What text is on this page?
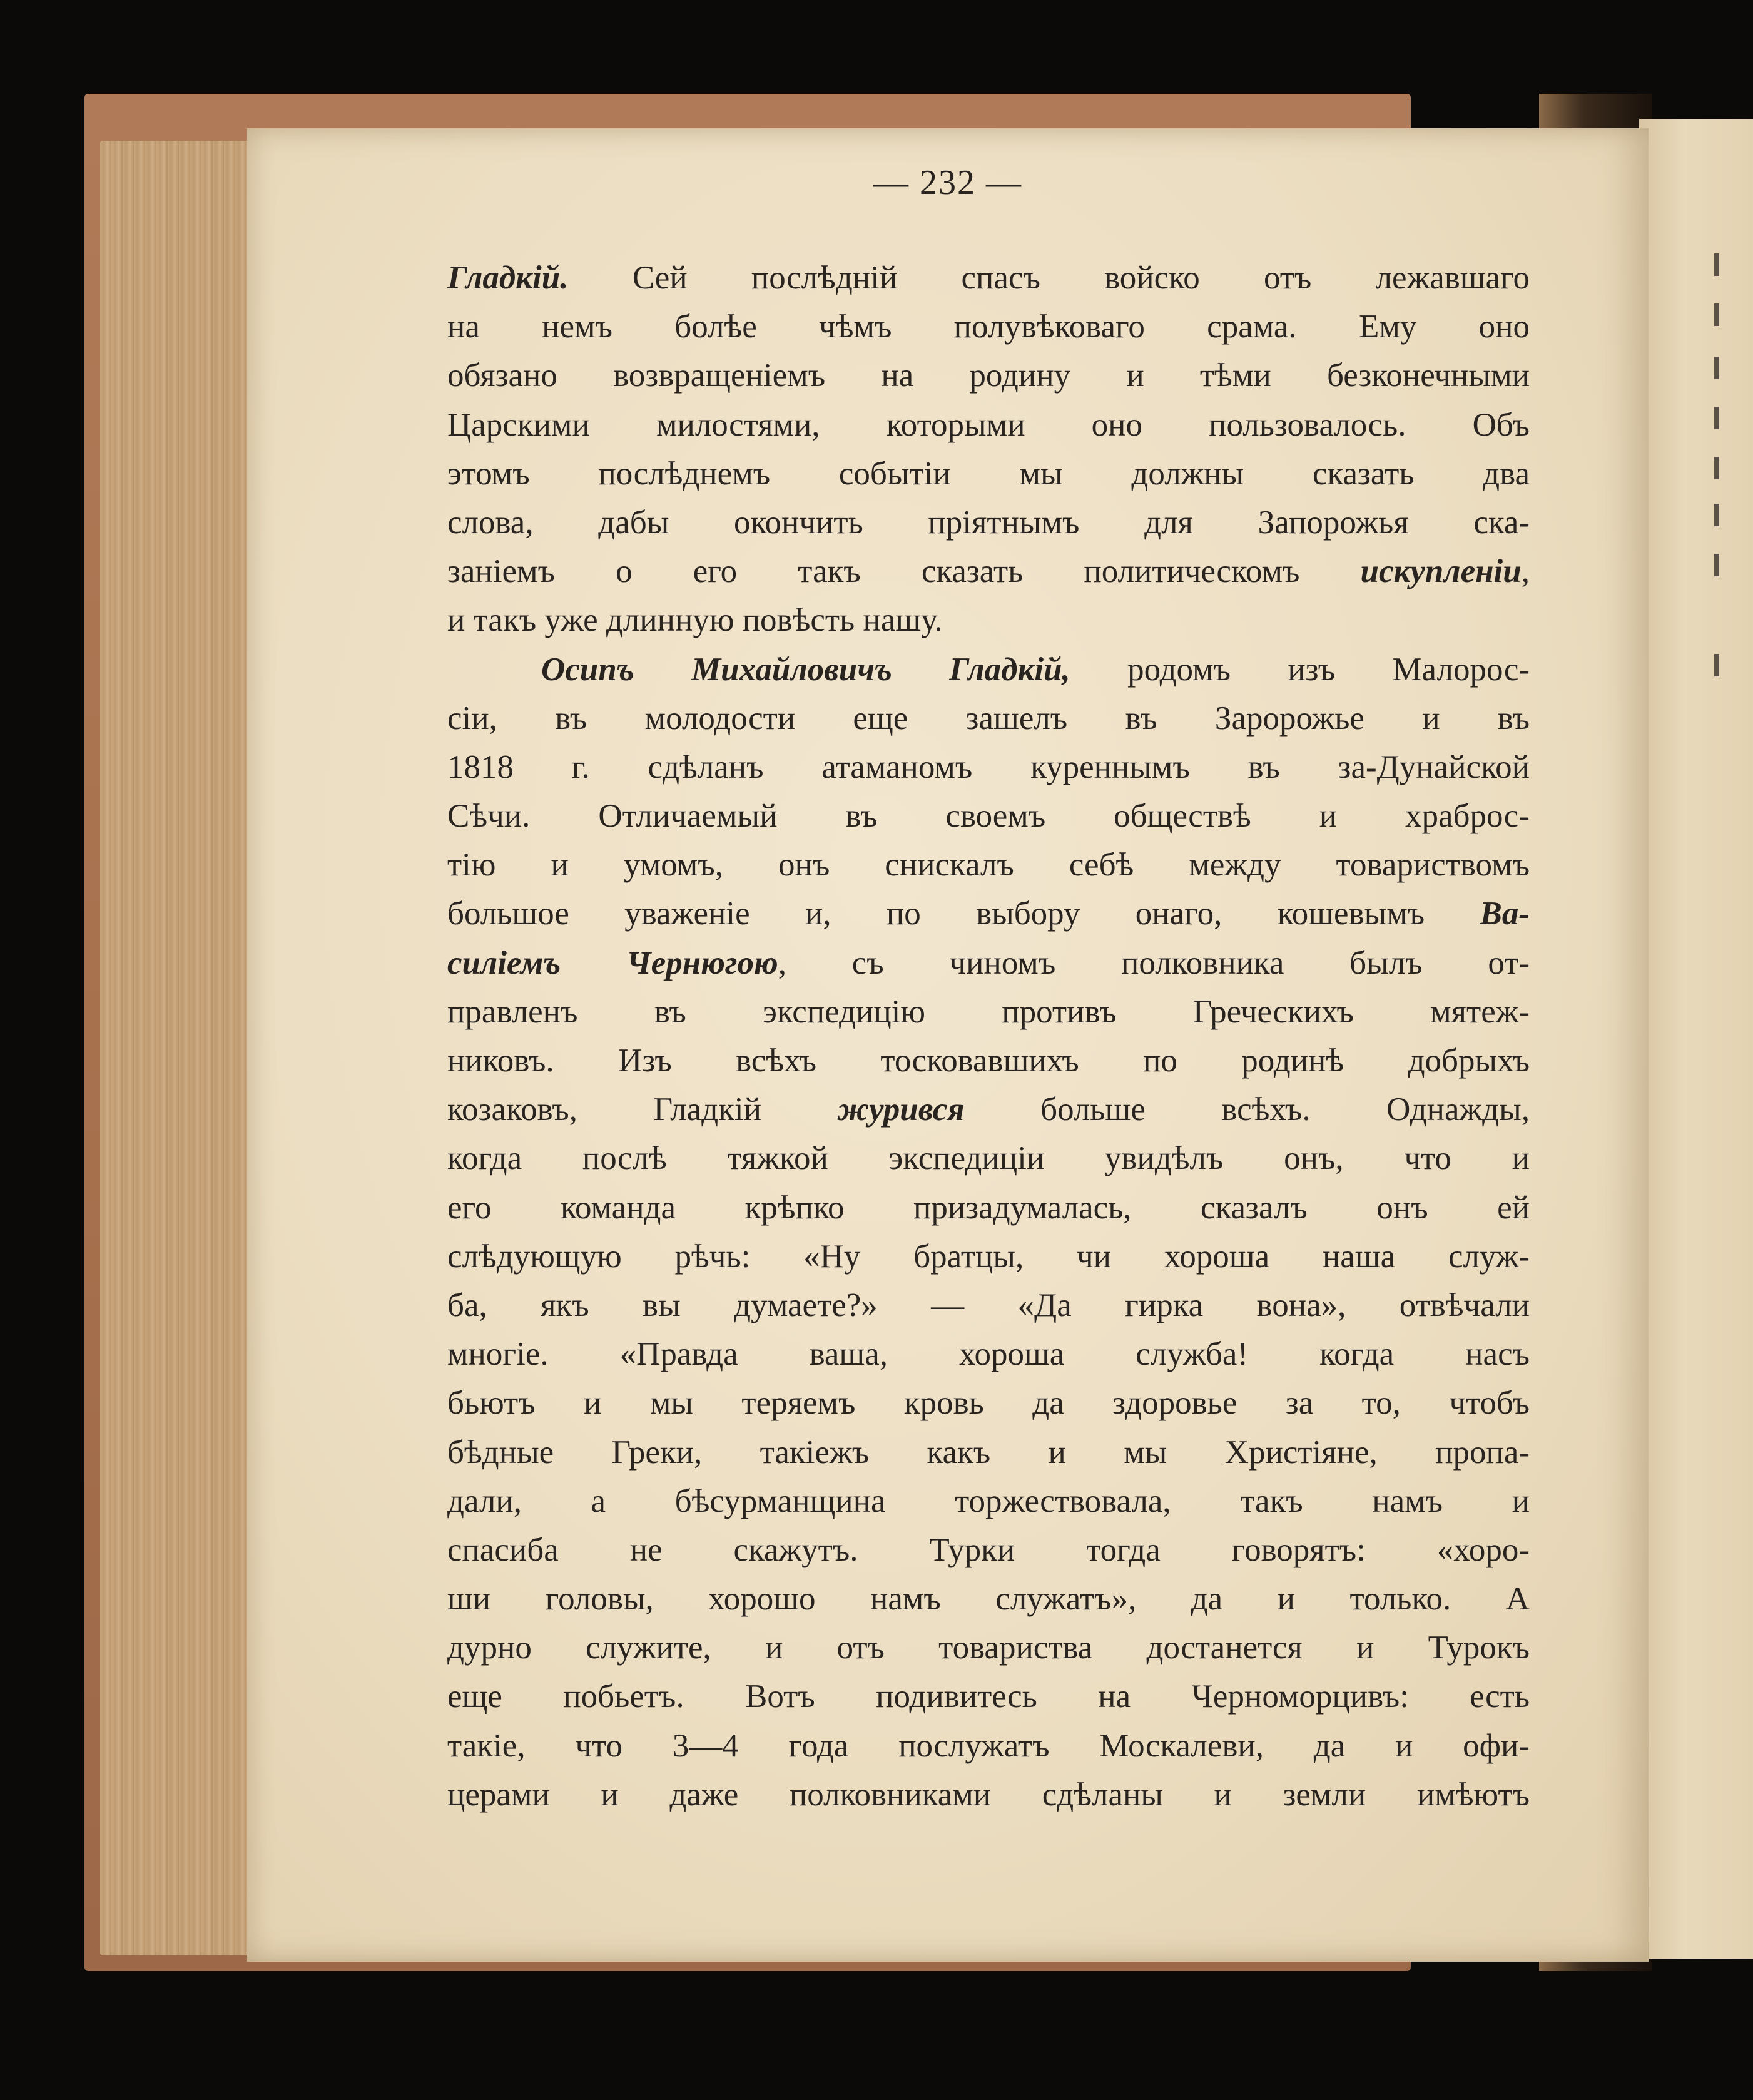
— 232 —
Гладкій. Сей послѣдній спасъ войско отъ лежавшаго
на немъ болѣе чѣмъ полувѣковаго срама. Ему оно
обязано возвращеніемъ на родину и тѣми безконечными
Царскими милостями, которыми оно пользовалось. Объ
этомъ послѣднемъ событіи мы должны сказать два
слова, дабы окончить пріятнымъ для Запорожья ска-
заніемъ о его такъ сказать политическомъ искупленіи,
и такъ уже длинную повѣсть нашу.
Осипъ Михайловичъ Гладкій, родомъ изъ Малорос-
сіи, въ молодости еще зашелъ въ Заророжье и въ
1818 г. сдѣланъ атаманомъ куреннымъ въ за-Дунайской
Сѣчи. Отличаемый въ своемъ обществѣ и храброс-
тію и умомъ, онъ снискалъ себѣ между товариствомъ
большое уваженіе и, по выбору онаго, кошевымъ Ва-
силіемъ Чернюгою, съ чиномъ полковника былъ от-
правленъ въ экспедицію противъ Греческихъ мятеж-
никовъ. Изъ всѣхъ тосковавшихъ по родинѣ добрыхъ
козаковъ, Гладкій журився больше всѣхъ. Однажды,
когда послѣ тяжкой экспедиціи увидѣлъ онъ, что и
его команда крѣпко призадумалась, сказалъ онъ ей
слѣдующую рѣчь: «Ну братцы, чи хороша наша служ-
ба, якъ вы думаете?» — «Да гирка вона», отвѣчали
многіе. «Правда ваша, хороша служба! когда насъ
бьютъ и мы теряемъ кровь да здоровье за то, чтобъ
бѣдные Греки, такіежъ какъ и мы Христіяне, пропа-
дали, а бѣсурманщина торжествовала, такъ намъ и
спасиба не скажутъ. Турки тогда говорятъ: «хоро-
ши головы, хорошо намъ служатъ», да и только. А
дурно служите, и отъ товариства достанется и Турокъ
еще побьетъ. Вотъ подивитесь на Черноморцивъ: есть
такіе, что 3—4 года послужатъ Москалеви, да и офи-
церами и даже полковниками сдѣланы и земли имѣютъ
